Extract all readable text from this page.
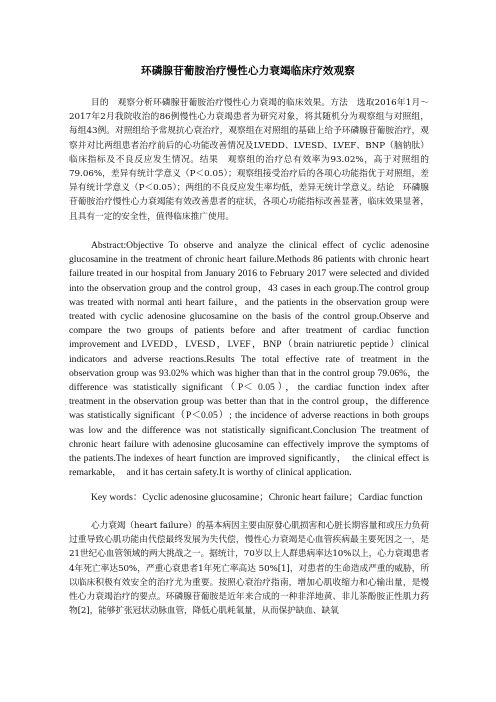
环磷腺苷葡胺治疗慢性心力衰竭临床疗效观察

目的　观察分析环磷腺苷葡胺治疗慢性心力衰竭的临床效果。方法　选取2016年1月～2017年2月我院收治的86例慢性心力衰竭患者为研究对象，将其随机分为观察组与对照组，每组43例。对照组给予常规抗心衰治疗，观察组在对照组的基础上给予环磷腺苷葡胺治疗，观察并对比两组患者治疗前后的心功能改善情况及LVEDD、LVESD、LVEF、BNP（脑钠肽）临床指标及不良反应发生情况。结果　观察组的治疗总有效率为93.02%，高于对照组的79.06%，差异有统计学意义（P＜0.05）；观察组接受治疗后的各项心功能指优于对照组，差异有统计学意义（P＜0.05）；两组的不良反应发生率均低，差异无统计学意义。结论　环磷腺苷葡胺治疗慢性心力衰竭能有效改善患者的症状，各项心功能指标改善显著，临床效果显著，且具有一定的安全性，值得临床推广使用。

Abstract:Objective To observe and analyze the clinical effect of cyclic adenosine glucosamine in the treatment of chronic heart failure.Methods 86 patients with chronic heart failure treated in our hospital from January 2016 to February 2017 were selected and divided into the observation group and the control group，43 cases in each group.The control group was treated with normal anti heart failure，and the patients in the observation group were treated with cyclic adenosine glucosamine on the basis of the control group.Observe and compare the two groups of patients before and after treatment of cardiac function improvement and LVEDD，LVESD，LVEF，BNP（brain natriuretic peptide）clinical indicators and adverse reactions.Results The total effective rate of treatment in the observation group was 93.02% which was higher than that in the control group 79.06%，the difference was statistically significant（P＜ 0.05），the cardiac function index after treatment in the observation group was better than that in the control group，the difference was statistically significant（P＜0.05）; the incidence of adverse reactions in both groups was low and the difference was not statistically significant.Conclusion The treatment of chronic heart failure with adenosine glucosamine can effectively improve the symptoms of the patients.The indexes of heart function are improved significantly，　the clinical effect is remarkable，　and it has certain safety.It is worthy of clinical application.

Key words：Cyclic adenosine glucosamine；Chronic heart failure；Cardiac function

心力衰竭（heart failure）的基本病因主要由原發心肌损害和心脏长期容量和或压力负荷过重导致心肌功能由代偿最终发展为失代偿，慢性心力衰竭是心血管疾病最主要死因之一，是21世纪心血管领域的两大挑战之一。据统计，70岁以上人群患病率达10%以上，心力衰竭患者4年死亡率达50%，严重心衰患者1年死亡率高达 50%[1]，对患者的生命造成严重的威胁，所以临床积极有效安全的治疗尤为重要。按照心衰治疗指南，增加心肌收缩力和心输出量，是慢性心力衰竭治疗的要点。环磷腺苷葡胺是近年来合成的一种非洋地黄、非儿茶酚胺正性肌力药物[2]，能够扩张冠状动脉血管，降低心肌耗氧量，从而保护缺血、缺氧
